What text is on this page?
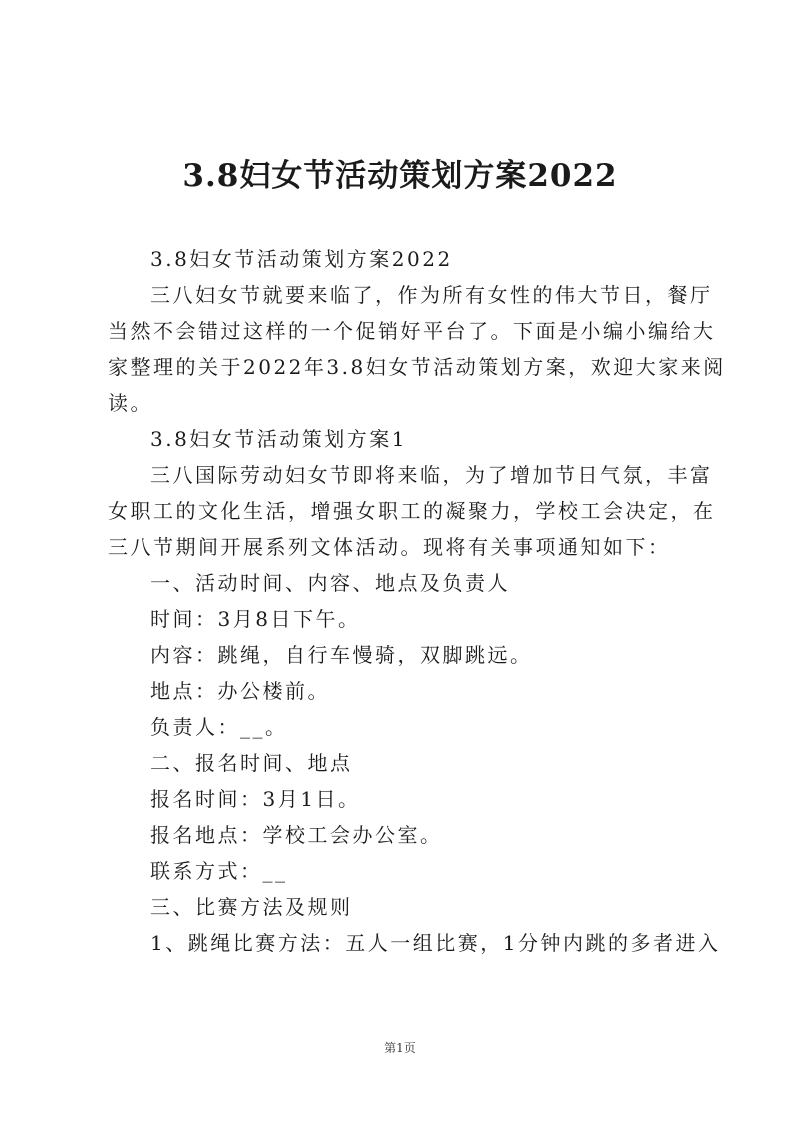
3.8妇女节活动策划方案2022

3.8妇女节活动策划方案2022

三八妇女节就要来临了，作为所有女性的伟大节日，餐厅
当然不会错过这样的一个促销好平台了。下面是小编小编给大
家整理的关于2022年3.8妇女节活动策划方案，欢迎大家来阅
读。

3.8妇女节活动策划方案1

三八国际劳动妇女节即将来临，为了增加节日气氛，丰富
女职工的文化生活，增强女职工的凝聚力，学校工会决定，在
三八节期间开展系列文体活动。现将有关事项通知如下：

一、活动时间、内容、地点及负责人

时间：3月8日下午。

内容：跳绳，自行车慢骑，双脚跳远。

地点：办公楼前。

负责人：__。

二、报名时间、地点

报名时间：3月1日。

报名地点：学校工会办公室。

联系方式：__

三、比赛方法及规则

1、跳绳比赛方法：五人一组比赛，1分钟内跳的多者进入

第1页
